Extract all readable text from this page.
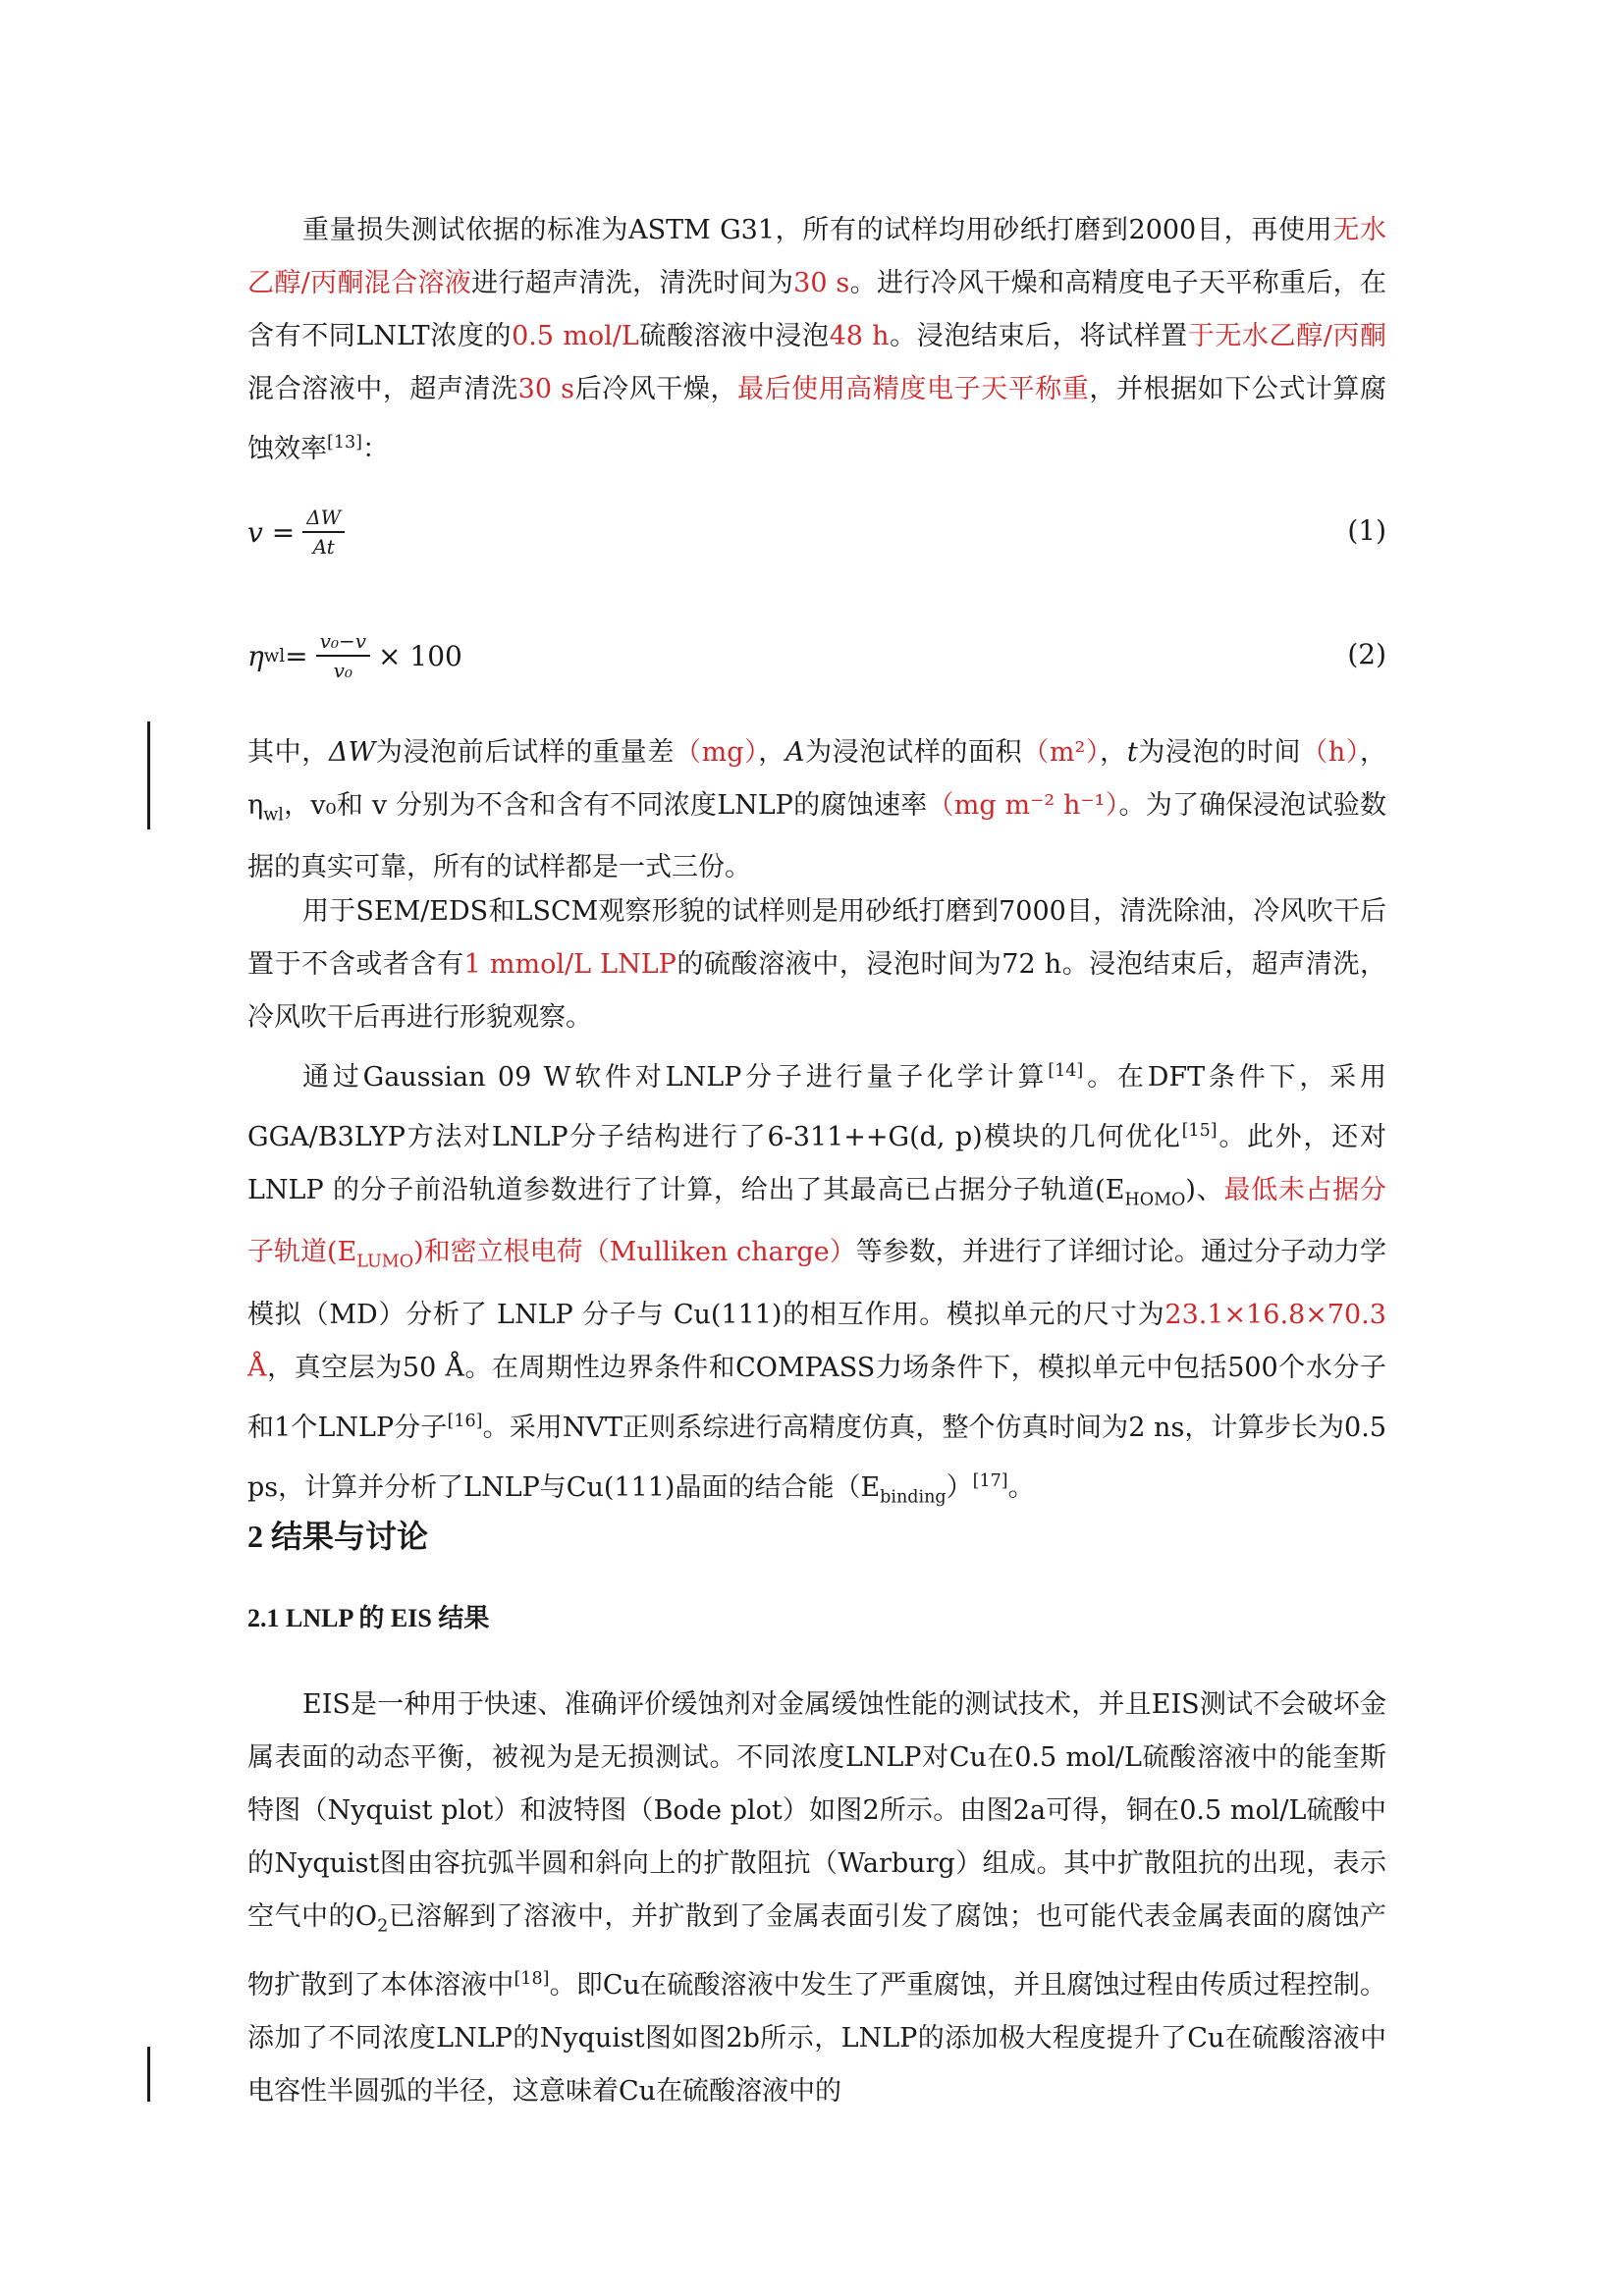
重量损失测试依据的标准为ASTM G31，所有的试样均用砂纸打磨到2000目，再使用无水乙醇/丙酮混合溶液进行超声清洗，清洗时间为30 s。进行冷风干燥和高精度电子天平称重后，在含有不同LNLT浓度的0.5 mol/L硫酸溶液中浸泡48 h。浸泡结束后，将试样置于无水乙醇/丙酮混合溶液中，超声清洗30 s后冷风干燥，最后使用高精度电子天平称重，并根据如下公式计算腐蚀效率[13]：

$v = \frac{\Delta W}{At}$	(1)
η wl = $\frac{\text{v₀−v}}{\text{v₀}} \times 100$	(2)

其中，ΔW为浸泡前后试样的重量差（mg），A为浸泡试样的面积（m²），t为浸泡的时间（h），$\eta_{wl}$，v₀和 v 分别为不含和含有不同浓度LNLP的腐蚀速率（mg m⁻² h⁻¹）。为了确保浸泡试验数据的真实可靠，所有的试样都是一式三份。

用于SEM/EDS和LSCM观察形貌的试样则是用砂纸打磨到7000目，清洗除油，冷风吹干后置于不含或者含有1 mmol/L LNLP的硫酸溶液中，浸泡时间为72 h。浸泡结束后，超声清洗，冷风吹干后再进行形貌观察。

通过Gaussian 09 W软件对LNLP分子进行量子化学计算[14]。在DFT条件下，采用GGA/B3LYP方法对LNLP分子结构进行了6-311++G(d, p)模块的几何优化[15]。此外，还对LNLP 的分子前沿轨道参数进行了计算，给出了其最高已占据分子轨道$(E_{HOMO})$、最低未占据分子轨道$(E_{LUMO})$和密立根电荷（Mulliken charge）等参数，并进行了详细讨论。通过分子动力学模拟（MD）分析了 LNLP 分子与 Cu(111)的相互作用。模拟单元的尺寸为23.1×16.8×70.3 Å，真空层为50 Å。在周期性边界条件和COMPASS力场条件下，模拟单元中包括500个水分子和1个LNLP分子[16]。采用NVT正则系综进行高精度仿真，整个仿真时间为2 ns，计算步长为0.5 ps，计算并分析了LNLP与Cu(111)晶面的结合能$(E_{binding})[17]$。

2 结果与讨论
2.1 LNLP 的 EIS 结果

EIS是一种用于快速、准确评价缓蚀剂对金属缓蚀性能的测试技术，并且EIS测试不会破坏金属表面的动态平衡，被视为是无损测试。不同浓度LNLP对Cu在0.5 mol/L硫酸溶液中的能奎斯特图（Nyquist plot）和波特图（Bode plot）如图2所示。由图2a可得，铜在0.5 mol/L硫酸中的Nyquist图由容抗弧半圆和斜向上的扩散阻抗（Warburg）组成。其中扩散阻抗的出现，表示空气中的$O_2$已溶解到了溶液中，并扩散到了金属表面引发了腐蚀；也可能代表金属表面的腐蚀产物扩散到了本体溶液中[18]。即Cu在硫酸溶液中发生了严重腐蚀，并且腐蚀过程由传质过程控制。添加了不同浓度LNLP的Nyquist图如图2b所示，LNLP的添加极大程度提升了Cu在硫酸溶液中电容性半圆弧的半径，这意味着Cu在硫酸溶液中的
